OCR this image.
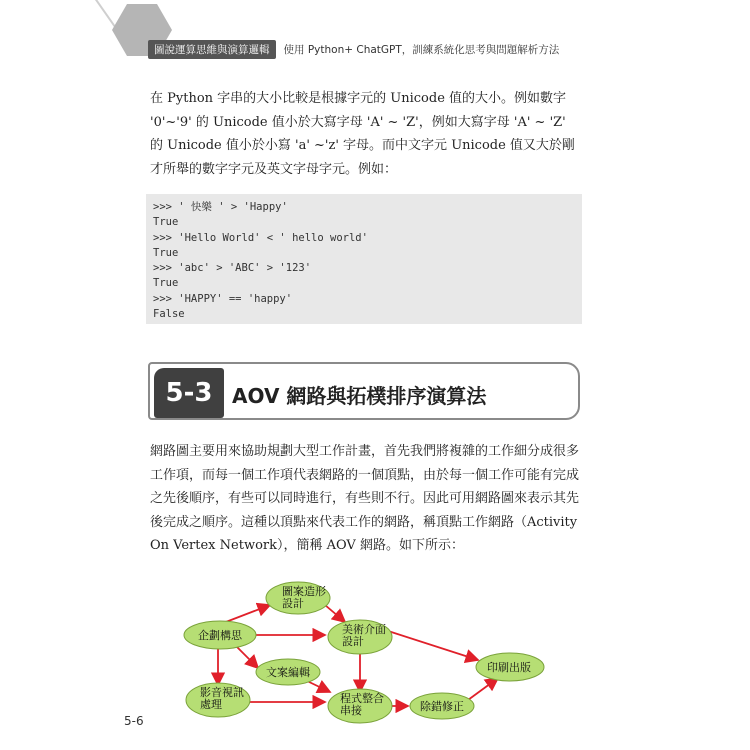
圖說運算思維與演算邏輯	使用 Python+ ChatGPT，訓練系統化思考與問題解析方法

在 Python 字串的大小比較是根據字元的 Unicode 值的大小。例如數字 '0'~'9' 的 Unicode 值小於大寫字母 'A' ~ 'Z'，例如大寫字母 'A' ~ 'Z' 的 Unicode 值小於小寫 'a' ~'z' 字母。而中文字元 Unicode 值又大於剛才所舉的數字字元及英文字母字元。例如：

>>> ' 快樂 ' > 'Happy'
True
>>> 'Hello World' < ' hello world'
True
>>> 'abc' > 'ABC' > '123'
True
>>> 'HAPPY' == 'happy'
False
5-3 AOV 網路與拓樸排序演算法

網路圖主要用來協助規劃大型工作計畫，首先我們將複雜的工作細分成很多工作項，而每一個工作項代表網路的一個頂點，由於每一個工作可能有完成之先後順序，有些可以同時進行，有些則不行。因此可用網路圖來表示其先後完成之順序。這種以頂點來代表工作的網路，稱頂點工作網路（Activity On Vertex Network），簡稱 AOV 網路。如下所示：

圖案造形
設計
企劃構思	美術介面
設計
文案編輯	印刷出版
影音視訊
處理	程式整合
串接	除錯修正
5-6
